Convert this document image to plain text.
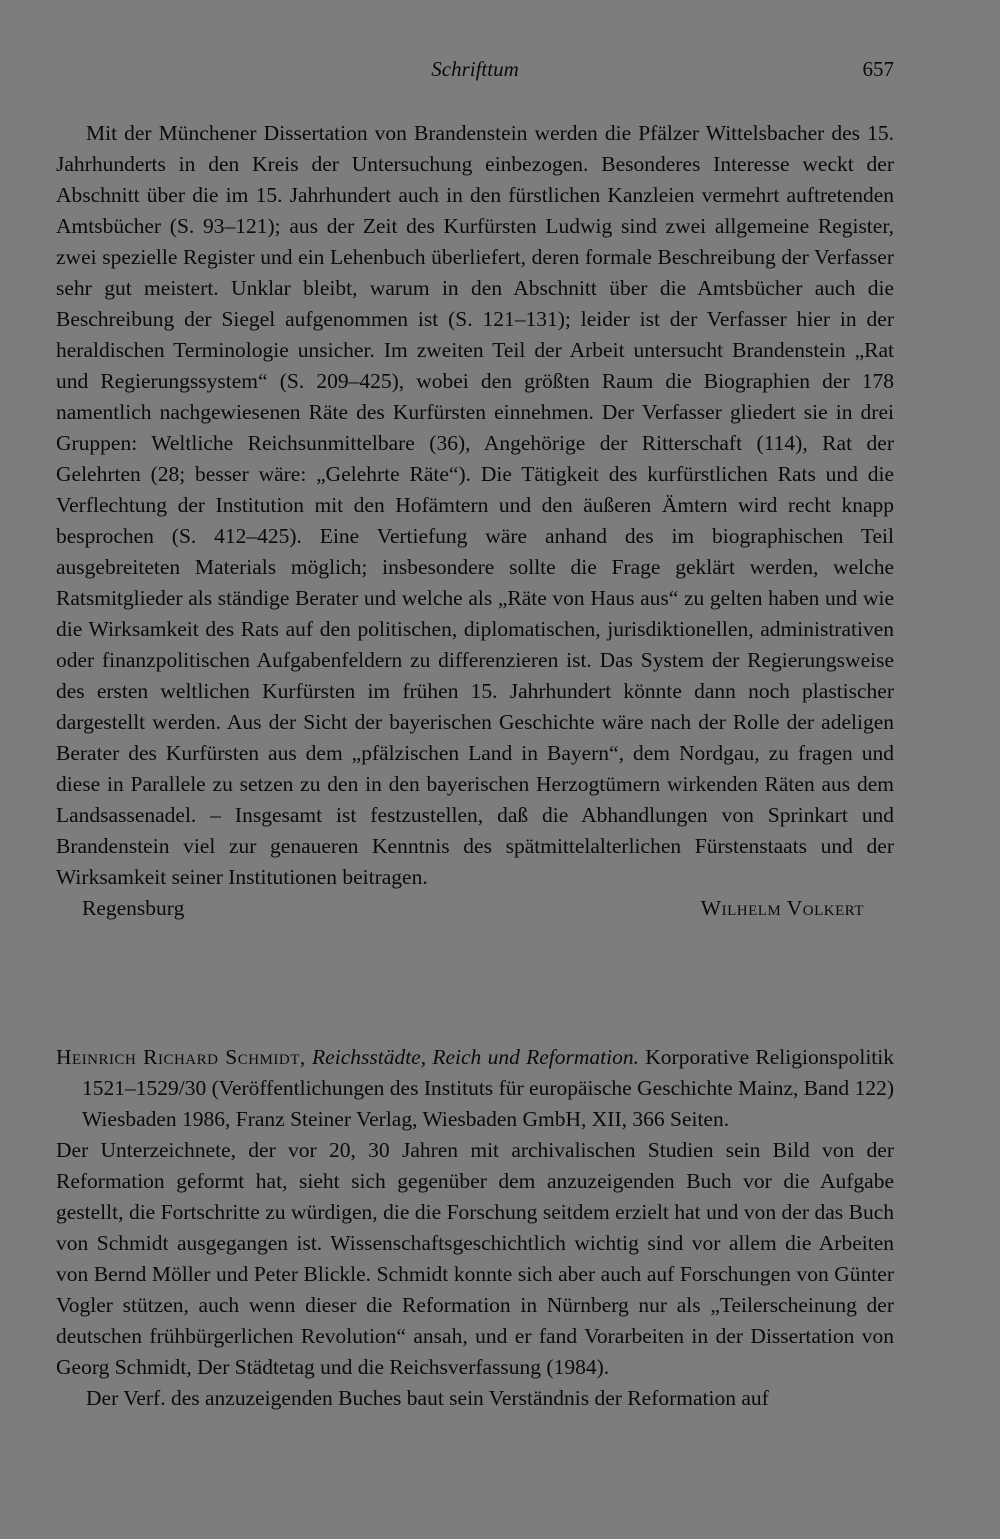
Schrifttum	657

Mit der Münchener Dissertation von Brandenstein werden die Pfälzer Wittelsbacher des 15. Jahrhunderts in den Kreis der Untersuchung einbezogen. Besonderes Interesse weckt der Abschnitt über die im 15. Jahrhundert auch in den fürstlichen Kanzleien vermehrt auftretenden Amtsbücher (S. 93–121); aus der Zeit des Kurfürsten Ludwig sind zwei allgemeine Register, zwei spezielle Register und ein Lehenbuch überliefert, deren formale Beschreibung der Verfasser sehr gut meistert. Unklar bleibt, warum in den Abschnitt über die Amtsbücher auch die Beschreibung der Siegel aufgenommen ist (S. 121–131); leider ist der Verfasser hier in der heraldischen Terminologie unsicher. Im zweiten Teil der Arbeit untersucht Brandenstein „Rat und Regierungssystem“ (S. 209–425), wobei den größten Raum die Biographien der 178 namentlich nachgewiesenen Räte des Kurfürsten einnehmen. Der Verfasser gliedert sie in drei Gruppen: Weltliche Reichsunmittelbare (36), Angehörige der Ritterschaft (114), Rat der Gelehrten (28; besser wäre: „Gelehrte Räte“). Die Tätigkeit des kurfürstlichen Rats und die Verflechtung der Institution mit den Hofämtern und den äußeren Ämtern wird recht knapp besprochen (S. 412–425). Eine Vertiefung wäre anhand des im biographischen Teil ausgebreiteten Materials möglich; insbesondere sollte die Frage geklärt werden, welche Ratsmitglieder als ständige Berater und welche als „Räte von Haus aus“ zu gelten haben und wie die Wirksamkeit des Rats auf den politischen, diplomatischen, jurisdiktionellen, administrativen oder finanzpolitischen Aufgabenfeldern zu differenzieren ist. Das System der Regierungsweise des ersten weltlichen Kurfürsten im frühen 15. Jahrhundert könnte dann noch plastischer dargestellt werden. Aus der Sicht der bayerischen Geschichte wäre nach der Rolle der adeligen Berater des Kurfürsten aus dem „pfälzischen Land in Bayern“, dem Nordgau, zu fragen und diese in Parallele zu setzen zu den in den bayerischen Herzogtümern wirkenden Räten aus dem Landsassenadel. – Insgesamt ist festzustellen, daß die Abhandlungen von Sprinkart und Brandenstein viel zur genaueren Kenntnis des spätmittelalterlichen Fürstenstaats und der Wirksamkeit seiner Institutionen beitragen.

Regensburg	Wilhelm Volkert

Heinrich Richard Schmidt, Reichsstädte, Reich und Reformation. Korporative Religionspolitik 1521–1529/30 (Veröffentlichungen des Instituts für europäische Geschichte Mainz, Band 122) Wiesbaden 1986, Franz Steiner Verlag, Wiesbaden GmbH, XII, 366 Seiten.

Der Unterzeichnete, der vor 20, 30 Jahren mit archivalischen Studien sein Bild von der Reformation geformt hat, sieht sich gegenüber dem anzuzeigenden Buch vor die Aufgabe gestellt, die Fortschritte zu würdigen, die die Forschung seitdem erzielt hat und von der das Buch von Schmidt ausgegangen ist. Wissenschaftsgeschichtlich wichtig sind vor allem die Arbeiten von Bernd Möller und Peter Blickle. Schmidt konnte sich aber auch auf Forschungen von Günter Vogler stützen, auch wenn dieser die Reformation in Nürnberg nur als „Teilerscheinung der deutschen frühbürgerlichen Revolution“ ansah, und er fand Vorarbeiten in der Dissertation von Georg Schmidt, Der Städtetag und die Reichsverfassung (1984).

Der Verf. des anzuzeigenden Buches baut sein Verständnis der Reformation auf
